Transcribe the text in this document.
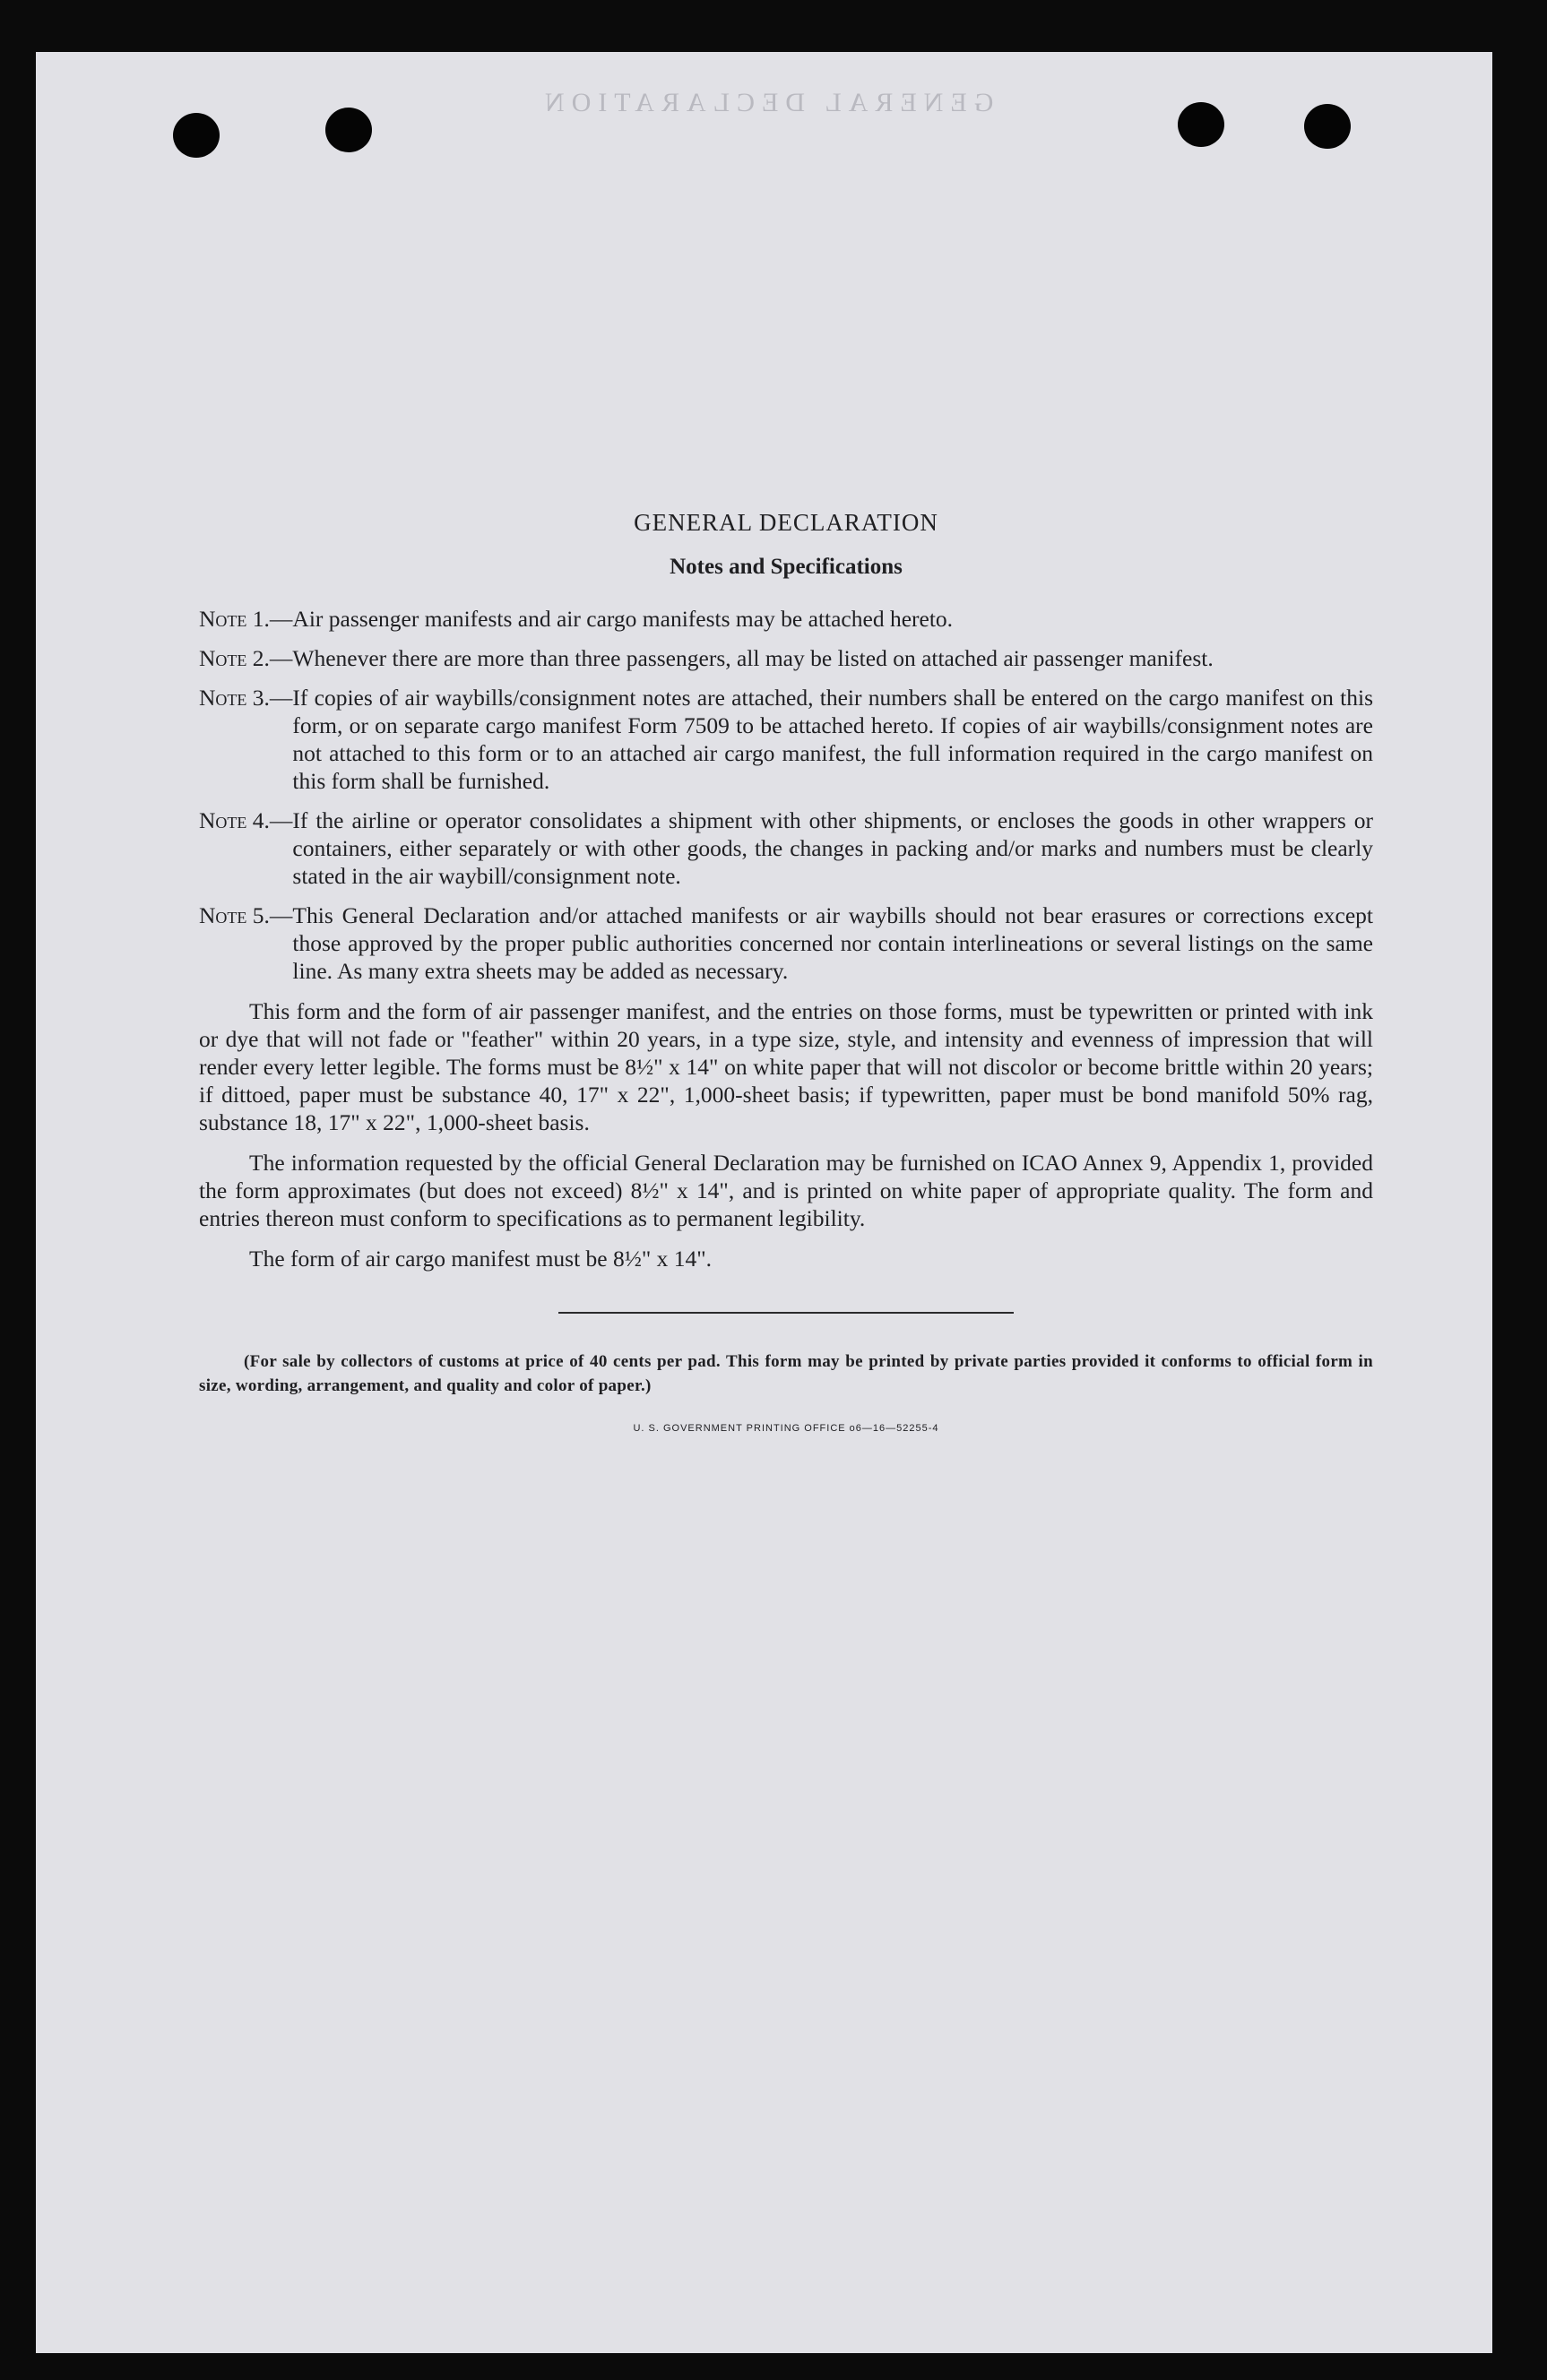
GENERAL DECLARATION
GENERAL DECLARATION
Notes and Specifications
Note 1.— Air passenger manifests and air cargo manifests may be attached hereto.
Note 2.— Whenever there are more than three passengers, all may be listed on attached air passenger manifest.
Note 3.— If copies of air waybills/consignment notes are attached, their numbers shall be entered on the cargo manifest on this form, or on separate cargo manifest Form 7509 to be attached hereto. If copies of air waybills/consignment notes are not attached to this form or to an attached air cargo manifest, the full information required in the cargo manifest on this form shall be furnished.
Note 4.— If the airline or operator consolidates a shipment with other shipments, or encloses the goods in other wrappers or containers, either separately or with other goods, the changes in packing and/or marks and numbers must be clearly stated in the air waybill/consignment note.
Note 5.— This General Declaration and/or attached manifests or air waybills should not bear erasures or corrections except those approved by the proper public authorities concerned nor contain interlineations or several listings on the same line. As many extra sheets may be added as necessary.

This form and the form of air passenger manifest, and the entries on those forms, must be typewritten or printed with ink or dye that will not fade or "feather" within 20 years, in a type size, style, and intensity and evenness of impression that will render every letter legible. The forms must be 8½" x 14" on white paper that will not discolor or become brittle within 20 years; if dittoed, paper must be substance 40, 17" x 22", 1,000-sheet basis; if typewritten, paper must be bond manifold 50% rag, substance 18, 17" x 22", 1,000-sheet basis.

The information requested by the official General Declaration may be furnished on ICAO Annex 9, Appendix 1, provided the form approximates (but does not exceed) 8½" x 14", and is printed on white paper of appropriate quality. The form and entries thereon must conform to specifications as to permanent legibility.

The form of air cargo manifest must be 8½" x 14".

(For sale by collectors of customs at price of 40 cents per pad. This form may be printed by private parties provided it conforms to official form in size, wording, arrangement, and quality and color of paper.)

U. S. GOVERNMENT PRINTING OFFICE o6—16—52255-4
